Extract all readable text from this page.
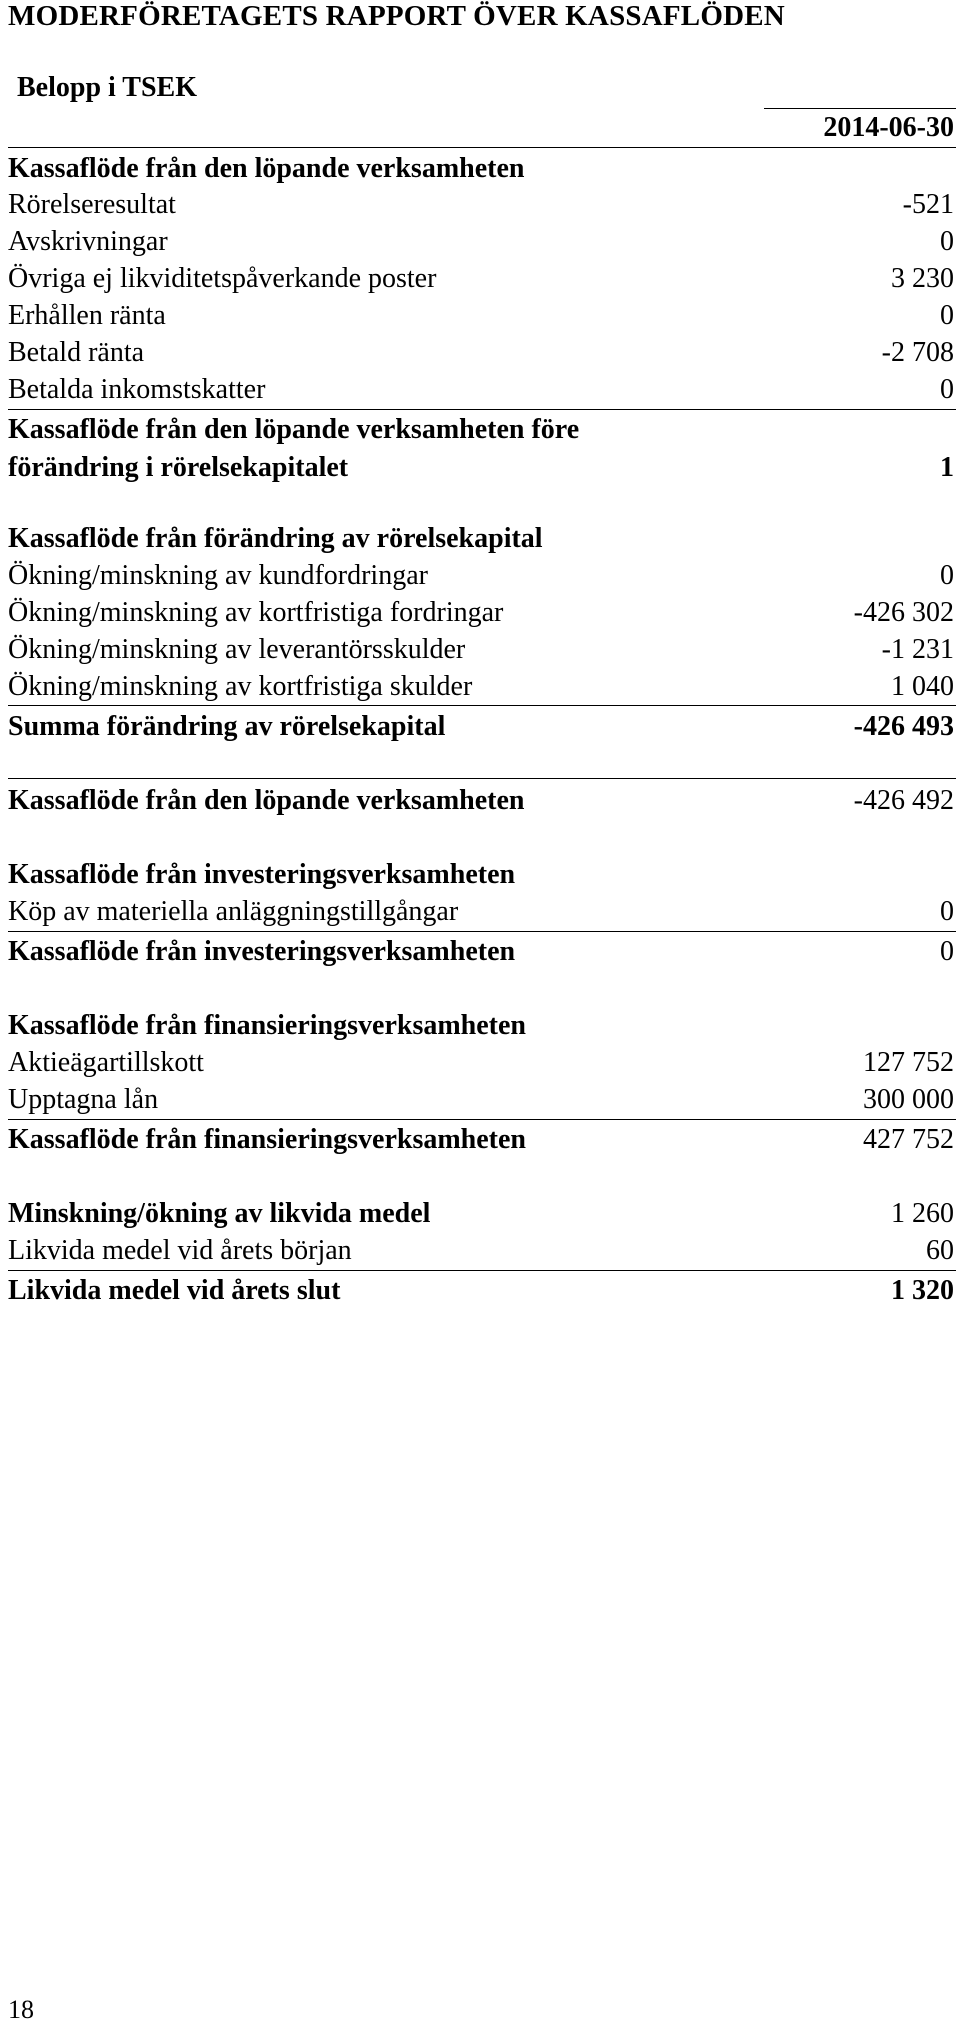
MODERFÖRETAGETS RAPPORT ÖVER KASSAFLÖDEN
Belopp i TSEK
2014-06-30
Kassaflöde från den löpande verksamheten
Rörelseresultat	-521
Avskrivningar	0
Övriga ej likviditetspåverkande poster	3 230
Erhållen ränta	0
Betald ränta	-2 708
Betalda inkomstskatter	0
Kassaflöde från den löpande verksamheten före
förändring i rörelsekapitalet	1
Kassaflöde från förändring av rörelsekapital
Ökning/minskning av kundfordringar	0
Ökning/minskning av kortfristiga fordringar	-426 302
Ökning/minskning av leverantörsskulder	-1 231
Ökning/minskning av kortfristiga skulder	1 040
Summa förändring av rörelsekapital	-426 493
Kassaflöde från den löpande verksamheten	-426 492
Kassaflöde från investeringsverksamheten
Köp av materiella anläggningstillgångar	0
Kassaflöde från investeringsverksamheten	0
Kassaflöde från finansieringsverksamheten
Aktieägartillskott	127 752
Upptagna lån	300 000
Kassaflöde från finansieringsverksamheten	427 752
Minskning/ökning av likvida medel	1 260
Likvida medel vid årets början	60
Likvida medel vid årets slut	1 320
18
